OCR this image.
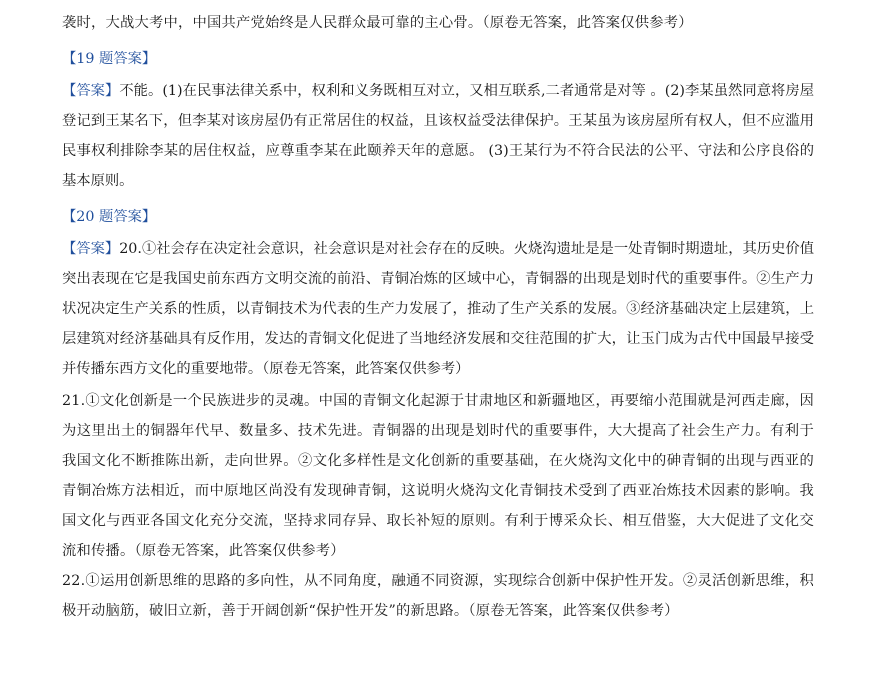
袭时，大战大考中，中国共产党始终是人民群众最可靠的主心骨。（原卷无答案，此答案仅供参考）

【19 题答案】

【答案】不能。(1)在民事法律关系中，权利和义务既相互对立，又相互联系,二者通常是对等 。(2)李某虽然同意将房屋登记到王某名下，但李某对该房屋仍有正常居住的权益，且该权益受法律保护。王某虽为该房屋所有权人，但不应滥用民事权利排除李某的居住权益，应尊重李某在此颐养天年的意愿。 (3)王某行为不符合民法的公平、守法和公序良俗的基本原则。

【20 题答案】

【答案】20.①社会存在决定社会意识，社会意识是对社会存在的反映。火烧沟遗址是是一处青铜时期遗址，其历史价值突出表现在它是我国史前东西方文明交流的前沿、青铜冶炼的区域中心，青铜器的出现是划时代的重要事件。②生产力状况决定生产关系的性质，以青铜技术为代表的生产力发展了，推动了生产关系的发展。③经济基础决定上层建筑，上层建筑对经济基础具有反作用，发达的青铜文化促进了当地经济发展和交往范围的扩大，让玉门成为古代中国最早接受并传播东西方文化的重要地带。（原卷无答案，此答案仅供参考）

21.①文化创新是一个民族进步的灵魂。中国的青铜文化起源于甘肃地区和新疆地区，再要缩小范围就是河西走廊，因为这里出土的铜器年代早、数量多、技术先进。青铜器的出现是划时代的重要事件，大大提高了社会生产力。有利于我国文化不断推陈出新，走向世界。②文化多样性是文化创新的重要基础，在火烧沟文化中的砷青铜的出现与西亚的青铜冶炼方法相近，而中原地区尚没有发现砷青铜，这说明火烧沟文化青铜技术受到了西亚冶炼技术因素的影响。我国文化与西亚各国文化充分交流，坚持求同存异、取长补短的原则。有利于博采众长、相互借鉴，大大促进了文化交流和传播。（原卷无答案，此答案仅供参考）

22.①运用创新思维的思路的多向性，从不同角度，融通不同资源，实现综合创新中保护性开发。②灵活创新思维，积极开动脑筋，破旧立新，善于开阔创新“保护性开发”的新思路。（原卷无答案，此答案仅供参考）
